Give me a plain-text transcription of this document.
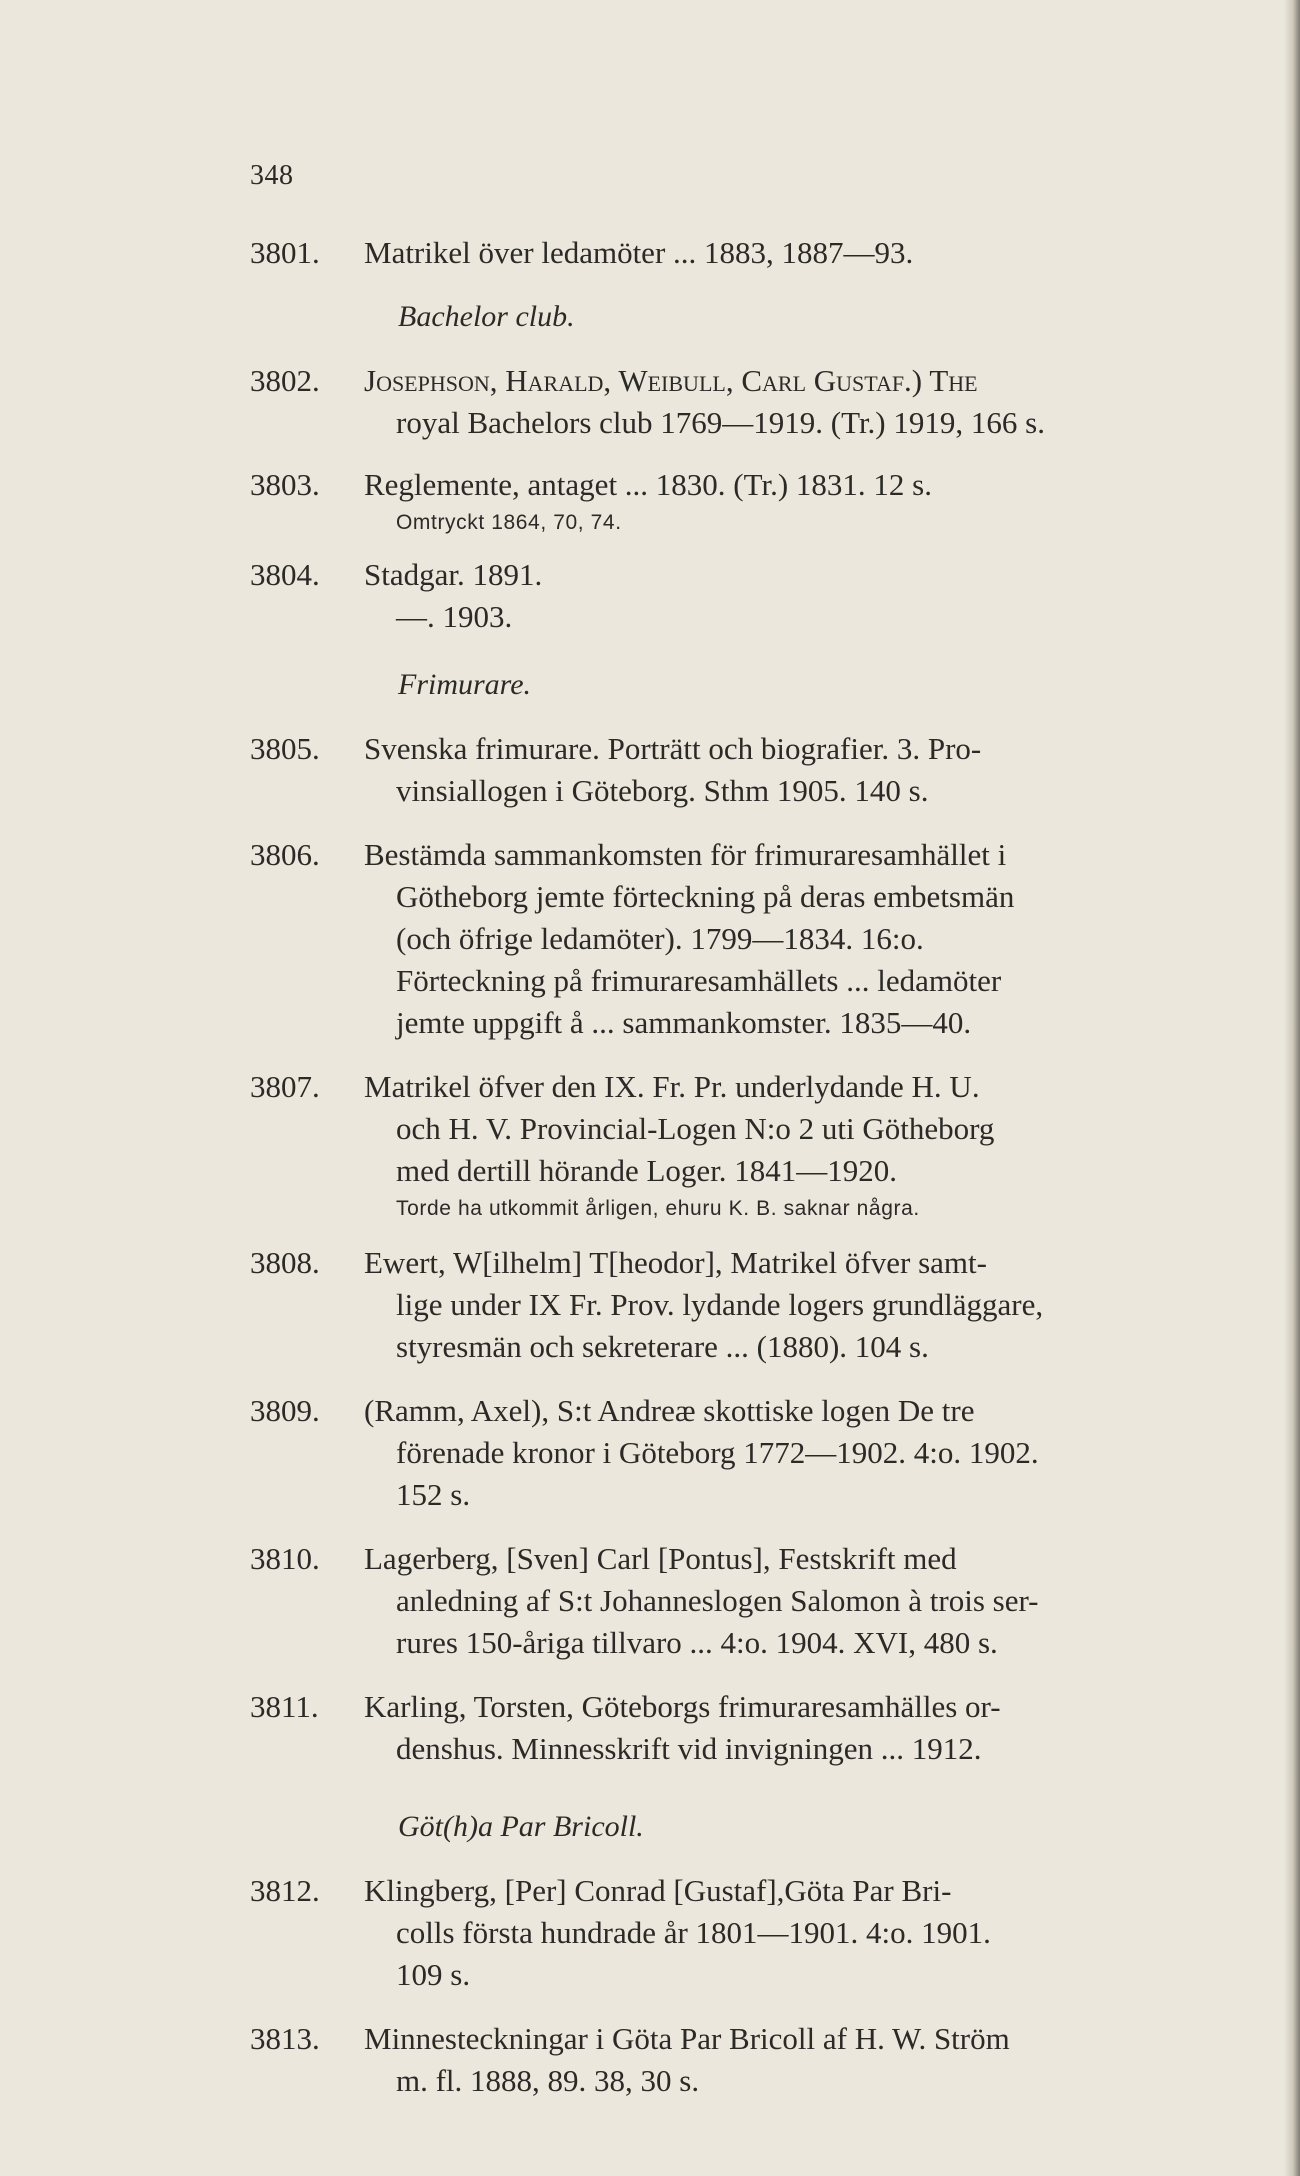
348
3801. Matrikel över ledamöter ... 1883, 1887—93.
Bachelor club.
3802. Josephson, Harald, Weibull, Carl Gustaf.) The
royal Bachelors club 1769—1919. (Tr.) 1919, 166 s.
3803. Reglemente, antaget ... 1830. (Tr.) 1831. 12 s.
Omtryckt 1864, 70, 74.
3804. Stadgar. 1891.
—. 1903.
Frimurare.
3805. Svenska frimurare. Porträtt och biografier. 3. Pro-
vinsiallogen i Göteborg. Sthm 1905. 140 s.
3806. Bestämda sammankomsten för frimuraresamhället i
Götheborg jemte förteckning på deras embetsmän
(och öfrige ledamöter). 1799—1834. 16:o.
Förteckning på frimuraresamhällets ... ledamöter
jemte uppgift å ... sammankomster. 1835—40.
3807. Matrikel öfver den IX. Fr. Pr. underlydande H. U.
och H. V. Provincial-Logen N:o 2 uti Götheborg
med dertill hörande Loger. 1841—1920.
Torde ha utkommit årligen, ehuru K. B. saknar några.
3808. Ewert, W[ilhelm] T[heodor], Matrikel öfver samt-
lige under IX Fr. Prov. lydande logers grundläggare,
styresmän och sekreterare ... (1880). 104 s.
3809. (Ramm, Axel), S:t Andreæ skottiske logen De tre
förenade kronor i Göteborg 1772—1902. 4:o. 1902.
152 s.
3810. Lagerberg, [Sven] Carl [Pontus], Festskrift med
anledning af S:t Johanneslogen Salomon à trois ser-
rures 150-åriga tillvaro ... 4:o. 1904. XVI, 480 s.
3811. Karling, Torsten, Göteborgs frimuraresamhälles or-
denshus. Minnesskrift vid invigningen ... 1912.
Göt(h)a Par Bricoll.
3812. Klingberg, [Per] Conrad [Gustaf],Göta Par Bri-
colls första hundrade år 1801—1901. 4:o. 1901.
109 s.
3813. Minnesteckningar i Göta Par Bricoll af H. W. Ström
m. fl. 1888, 89. 38, 30 s.
